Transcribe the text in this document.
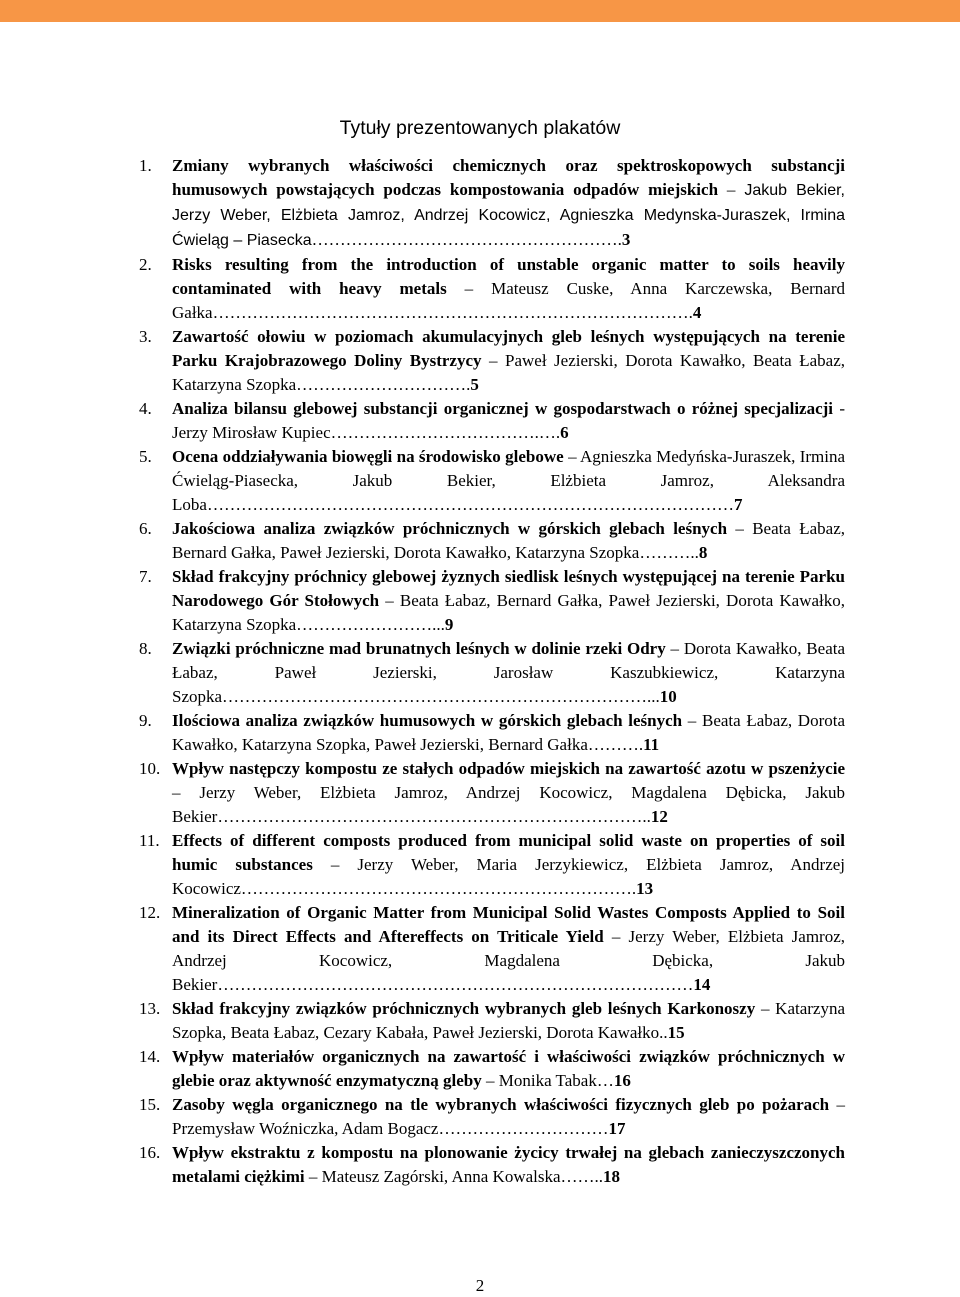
Tytuły prezentowanych plakatów
1. Zmiany wybranych właściwości chemicznych oraz spektroskopowych substancji humusowych powstających podczas kompostowania odpadów miejskich – Jakub Bekier, Jerzy Weber, Elżbieta Jamroz, Andrzej Kocowicz, Agnieszka Medynska-Juraszek, Irmina Ćwieląg – Piasecka……………………………………………….3
2. Risks resulting from the introduction of unstable organic matter to soils heavily contaminated with heavy metals – Mateusz Cuske, Anna Karczewska, Bernard Gałka………………………………………………………………………….4
3. Zawartość ołowiu w poziomach akumulacyjnych gleb leśnych występujących na terenie Parku Krajobrazowego Doliny Bystrzycy – Paweł Jezierski, Dorota Kawałko, Beata Łabaz, Katarzyna Szopka………………………….5
4. Analiza bilansu glebowej substancji organicznej w gospodarstwach o różnej specjalizacji - Jerzy Mirosław Kupiec……………………………….….6
5. Ocena oddziaływania biowęgli na środowisko glebowe – Agnieszka Medyńska-Juraszek, Irmina Ćwieląg-Piasecka, Jakub Bekier, Elżbieta Jamroz, Aleksandra Loba…………………………………………………………………………………7
6. Jakościowa analiza związków próchnicznych w górskich glebach leśnych – Beata Łabaz, Bernard Gałka, Paweł Jezierski, Dorota Kawałko, Katarzyna Szopka………..8
7. Skład frakcyjny próchnicy glebowej żyznych siedlisk leśnych występującej na terenie Parku Narodowego Gór Stołowych – Beata Łabaz, Bernard Gałka, Paweł Jezierski, Dorota Kawałko, Katarzyna Szopka……………………...9
8. Związki próchniczne mad brunatnych leśnych w dolinie rzeki Odry – Dorota Kawałko, Beata Łabaz, Paweł Jezierski, Jarosław Kaszubkiewicz, Katarzyna Szopka…………………………………………………………………...10
9. Ilościowa analiza związków humusowych w górskich glebach leśnych – Beata Łabaz, Dorota Kawałko, Katarzyna Szopka, Paweł Jezierski, Bernard Gałka……….11
10. Wpływ następczy kompostu ze stałych odpadów miejskich na zawartość azotu w pszenżycie – Jerzy Weber, Elżbieta Jamroz, Andrzej Kocowicz, Magdalena Dębicka, Jakub Bekier…………………………………………………………………..12
11. Effects of different composts produced from municipal solid waste on properties of soil humic substances – Jerzy Weber, Maria Jerzykiewicz, Elżbieta Jamroz, Andrzej Kocowicz…………………………………………………………….13
12. Mineralization of Organic Matter from Municipal Solid Wastes Composts Applied to Soil and its Direct Effects and Aftereffects on Triticale Yield – Jerzy Weber, Elżbieta Jamroz, Andrzej Kocowicz, Magdalena Dębicka, Jakub Bekier…………………………………………………………………………14
13. Skład frakcyjny związków próchnicznych wybranych gleb leśnych Karkonoszy – Katarzyna Szopka, Beata Łabaz, Cezary Kabała, Paweł Jezierski, Dorota Kawałko..15
14. Wpływ materiałów organicznych na zawartość i właściwości związków próchnicznych w glebie oraz aktywność enzymatyczną gleby – Monika Tabak…16
15. Zasoby węgla organicznego na tle wybranych właściwości fizycznych gleb po pożarach – Przemysław Woźniczka, Adam Bogacz…………………………17
16. Wpływ ekstraktu z kompostu na plonowanie życicy trwałej na glebach zanieczyszczonych metalami ciężkimi – Mateusz Zagórski, Anna Kowalska……..18
2
